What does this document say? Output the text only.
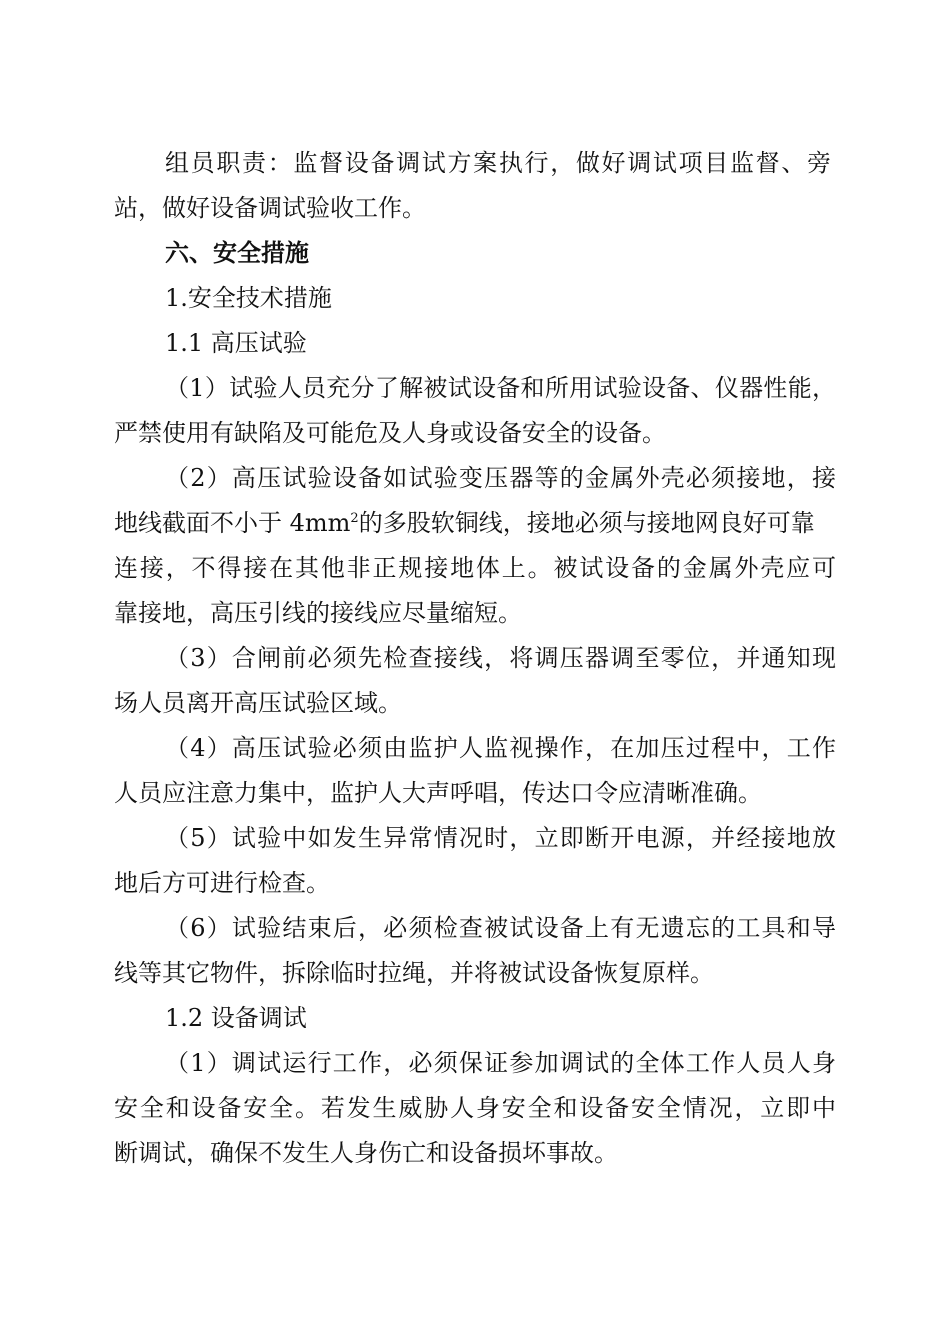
组员职责：监督设备调试方案执行，做好调试项目监督、旁
站，做好设备调试验收工作。
六、安全措施
1.安全技术措施
1.1 高压试验
（1）试验人员充分了解被试设备和所用试验设备、仪器性能，
严禁使用有缺陷及可能危及人身或设备安全的设备。
（2）高压试验设备如试验变压器等的金属外壳必须接地，接
地线截面不小于 $4mm^2$的多股软铜线，接地必须与接地网良好可靠
连接，不得接在其他非正规接地体上。被试设备的金属外壳应可
靠接地，高压引线的接线应尽量缩短。
（3）合闸前必须先检查接线，将调压器调至零位，并通知现
场人员离开高压试验区域。
（4）高压试验必须由监护人监视操作，在加压过程中，工作
人员应注意力集中，监护人大声呼唱，传达口令应清晰准确。
（5）试验中如发生异常情况时，立即断开电源，并经接地放
地后方可进行检查。
（6）试验结束后，必须检查被试设备上有无遗忘的工具和导
线等其它物件，拆除临时拉绳，并将被试设备恢复原样。
1.2 设备调试
（1）调试运行工作，必须保证参加调试的全体工作人员人身
安全和设备安全。若发生威胁人身安全和设备安全情况，立即中
断调试，确保不发生人身伤亡和设备损坏事故。
